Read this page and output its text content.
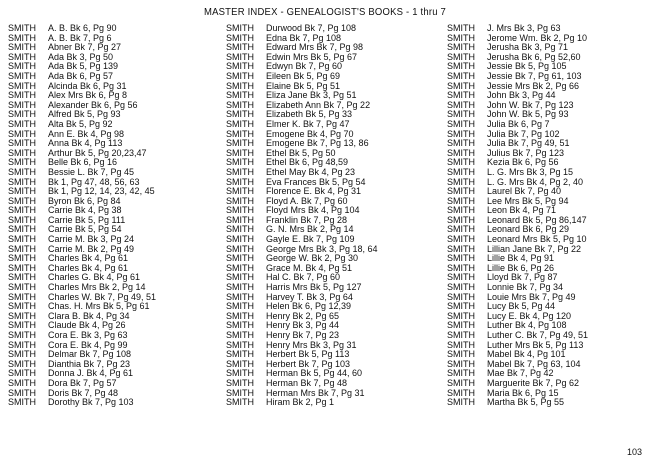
MASTER INDEX - GENEALOGIST'S BOOKS - 1 thru 7
SMITH A. B. Bk 6, Pg 90
SMITH A. B. Bk 7, Pg 6
SMITH Abner Bk 7, Pg 27
SMITH Ada Bk 3, Pg 50
SMITH Ada Bk 5, Pg 139
SMITH Ada Bk 6, Pg 57
SMITH Alcinda Bk 6, Pg 31
SMITH Alex Mrs Bk 6, Pg 8
SMITH Alexander Bk 6, Pg 56
SMITH Alfred Bk 5, Pg 93
SMITH Alta Bk 5, Pg 92
SMITH Ann E. Bk 4, Pg 98
SMITH Anna Bk 4, Pg 113
SMITH Arthur Bk 5, Pg 20,23,47
SMITH Belle Bk 6, Pg 16
SMITH Bessie L. Bk 7, Pg 45
SMITH Bk 1, Pg 47, 48, 56, 63
SMITH Bk 1, Pg 12, 14, 23, 42, 45
SMITH Byron Bk 6, Pg 84
SMITH Carrie Bk 4, Pg 38
SMITH Carrie Bk 5, Pg 111
SMITH Carrie Bk 5, Pg 54
SMITH Carrie M. Bk 3, Pg 24
SMITH Carrie M. Bk 2, Pg 49
SMITH Charles Bk 4, Pg 61
SMITH Charles Bk 4, Pg 61
SMITH Charles G. Bk 4, Pg 61
SMITH Charles Mrs Bk 2, Pg 14
SMITH Charles W. Bk 7, Pg 49, 51
SMITH Chas. H. Mrs Bk 5, Pg 61
SMITH Clara B. Bk 4, Pg 34
SMITH Claude Bk 4, Pg 26
SMITH Cora E. Bk 3, Pg 63
SMITH Cora E. Bk 4, Pg 99
SMITH Delmar Bk 7, Pg 108
SMITH Dianthia Bk 7, Pg 23
SMITH Donna J. Bk 4, Pg 61
SMITH Dora Bk 7, Pg 57
SMITH Doris Bk 7, Pg 48
SMITH Dorothy Bk 7, Pg 103
SMITH Durwood Bk 7, Pg 108
SMITH Edna Bk 7, Pg 108
SMITH Edward Mrs Bk 7, Pg 98
SMITH Edwin Mrs Bk 5, Pg 67
SMITH Edwyn Bk 7, Pg 60
SMITH Eileen Bk 5, Pg 69
SMITH Elaine Bk 5, Pg 51
SMITH Eliza Jane Bk 3, Pg 51
SMITH Elizabeth Ann Bk 7, Pg 22
SMITH Elizabeth Bk 5, Pg 33
SMITH Elmer K. Bk 7, Pg 47
SMITH Emogene Bk 4, Pg 70
SMITH Emogene Bk 7, Pg 13, 86
SMITH Ethel Bk 5, Pg 50
SMITH Ethel Bk 6, Pg 48,59
SMITH Ethel May Bk 4, Pg 23
SMITH Eva Frances Bk 5, Pg 54
SMITH Florence E. Bk 4, Pg 31
SMITH Floyd A. Bk 7, Pg 60
SMITH Floyd Mrs Bk 4, Pg 104
SMITH Franklin Bk 7, Pg 28
SMITH G. N. Mrs Bk 2, Pg 14
SMITH Gayle E. Bk 7, Pg 109
SMITH George Mrs Bk 3, Pg 18, 64
SMITH George W. Bk 2, Pg 30
SMITH Grace M. Bk 4, Pg 51
SMITH Hal C. Bk 7, Pg 60
SMITH Harris Mrs Bk 5, Pg 127
SMITH Harvey T. Bk 3, Pg 64
SMITH Helen Bk 6, Pg 12,39
SMITH Henry Bk 2, Pg 65
SMITH Henry Bk 3, Pg 44
SMITH Henry Bk 7, Pg 23
SMITH Henry Mrs Bk 3, Pg 31
SMITH Herbert Bk 5, Pg 113
SMITH Herbert Bk 7, Pg 103
SMITH Herman Bk 5, Pg 44, 60
SMITH Herman Bk 7, Pg 48
SMITH Herman Mrs Bk 7, Pg 31
SMITH Hiram Bk 2, Pg 1
SMITH J. Mrs Bk 3, Pg 63
SMITH Jerome Wm. Bk 2, Pg 10
SMITH Jerusha Bk 3, Pg 71
SMITH Jerusha Bk 6, Pg 52,60
SMITH Jessie Bk 5, Pg 105
SMITH Jessie Bk 7, Pg 61, 103
SMITH Jessie Mrs Bk 2, Pg 66
SMITH John Bk 3, Pg 44
SMITH John W. Bk 7, Pg 123
SMITH John W. Bk 5, Pg 93
SMITH Julia Bk 6, Pg 7
SMITH Julia Bk 7, Pg 102
SMITH Julia Bk 7, Pg 49, 51
SMITH Julius Bk 7, Pg 123
SMITH Kezia Bk 6, Pg 56
SMITH L. G. Mrs Bk 3, Pg 15
SMITH L. G. Mrs Bk 4, Pg 2, 40
SMITH Laurel Bk 7, Pg 40
SMITH Lee Mrs Bk 5, Pg 94
SMITH Leon Bk 4, Pg 71
SMITH Leonard Bk 5, Pg 86,147
SMITH Leonard Bk 6, Pg 29
SMITH Leonard Mrs Bk 5, Pg 10
SMITH Lillian Jane Bk 7, Pg 22
SMITH Lillie Bk 4, Pg 91
SMITH Lillie Bk 6, Pg 26
SMITH Lloyd Bk 7, Pg 87
SMITH Lonnie Bk 7, Pg 34
SMITH Louie Mrs Bk 7, Pg 49
SMITH Lucy Bk 5, Pg 44
SMITH Lucy E. Bk 4, Pg 120
SMITH Luther Bk 4, Pg 108
SMITH Luther C. Bk 7, Pg 49, 51
SMITH Luther Mrs Bk 5, Pg 113
SMITH Mabel Bk 4, Pg 101
SMITH Mabel Bk 7, Pg 63, 104
SMITH Mae Bk 7, Pg 42
SMITH Marguerite Bk 7, Pg 62
SMITH Maria Bk 6, Pg 15
SMITH Martha Bk 5, Pg 55
103
